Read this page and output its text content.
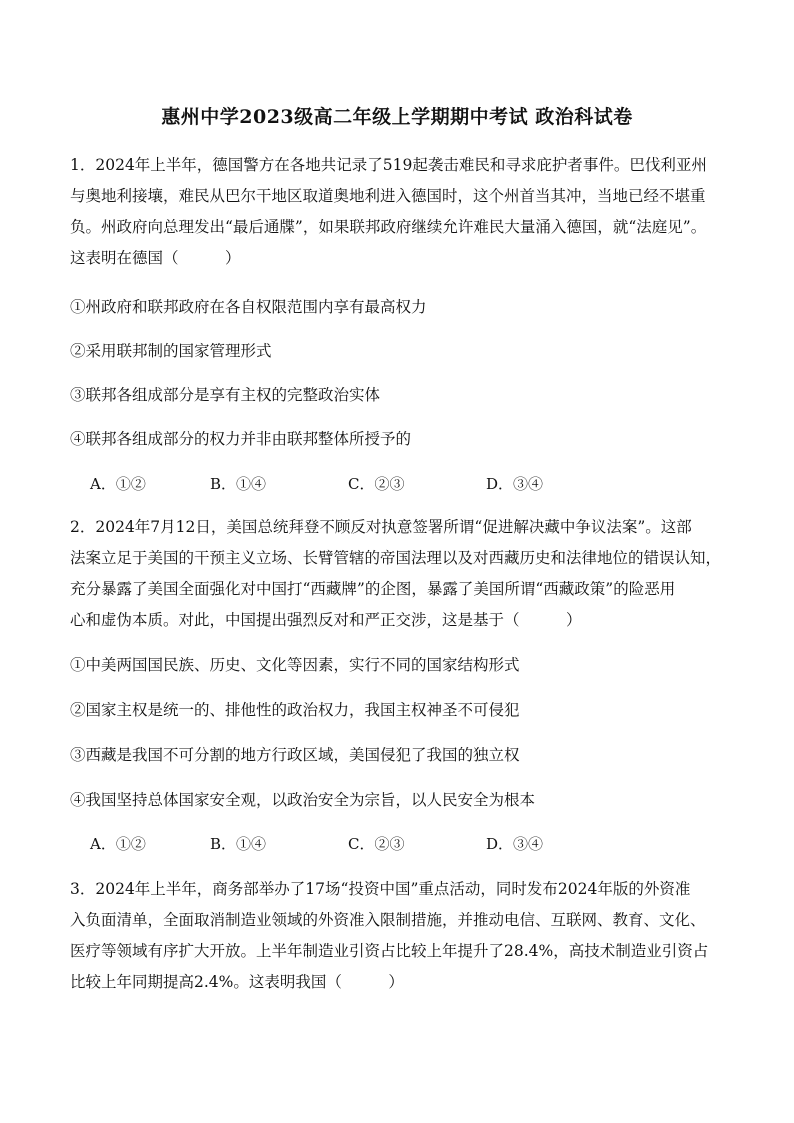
惠州中学2023级高二年级上学期期中考试 政治科试卷
1．2024年上半年，德国警方在各地共记录了519起袭击难民和寻求庇护者事件。巴伐利亚州
与奥地利接壤，难民从巴尔干地区取道奥地利进入德国时，这个州首当其冲，当地已经不堪重
负。州政府向总理发出“最后通牒”，如果联邦政府继续允许难民大量涌入德国，就“法庭见”。
这表明在德国（　　　）
①州政府和联邦政府在各自权限范围内享有最高权力
②采用联邦制的国家管理形式
③联邦各组成部分是享有主权的完整政治实体
④联邦各组成部分的权力并非由联邦整体所授予的
A．①②	B．①④	C．②③	D．③④
2．2024年7月12日，美国总统拜登不顾反对执意签署所谓“促进解决藏中争议法案”。这部
法案立足于美国的干预主义立场、长臂管辖的帝国法理以及对西藏历史和法律地位的错误认知，
充分暴露了美国全面强化对中国打“西藏牌”的企图，暴露了美国所谓“西藏政策”的险恶用
心和虚伪本质。对此，中国提出强烈反对和严正交涉，这是基于（　　　）
①中美两国国民族、历史、文化等因素，实行不同的国家结构形式
②国家主权是统一的、排他性的政治权力，我国主权神圣不可侵犯
③西藏是我国不可分割的地方行政区域，美国侵犯了我国的独立权
④我国坚持总体国家安全观，以政治安全为宗旨，以人民安全为根本
A．①②	B．①④	C．②③	D．③④
3．2024年上半年，商务部举办了17场“投资中国”重点活动，同时发布2024年版的外资准
入负面清单，全面取消制造业领域的外资准入限制措施，并推动电信、互联网、教育、文化、
医疗等领域有序扩大开放。上半年制造业引资占比较上年提升了28.4%，高技术制造业引资占
比较上年同期提高2.4%。这表明我国（　　　）
